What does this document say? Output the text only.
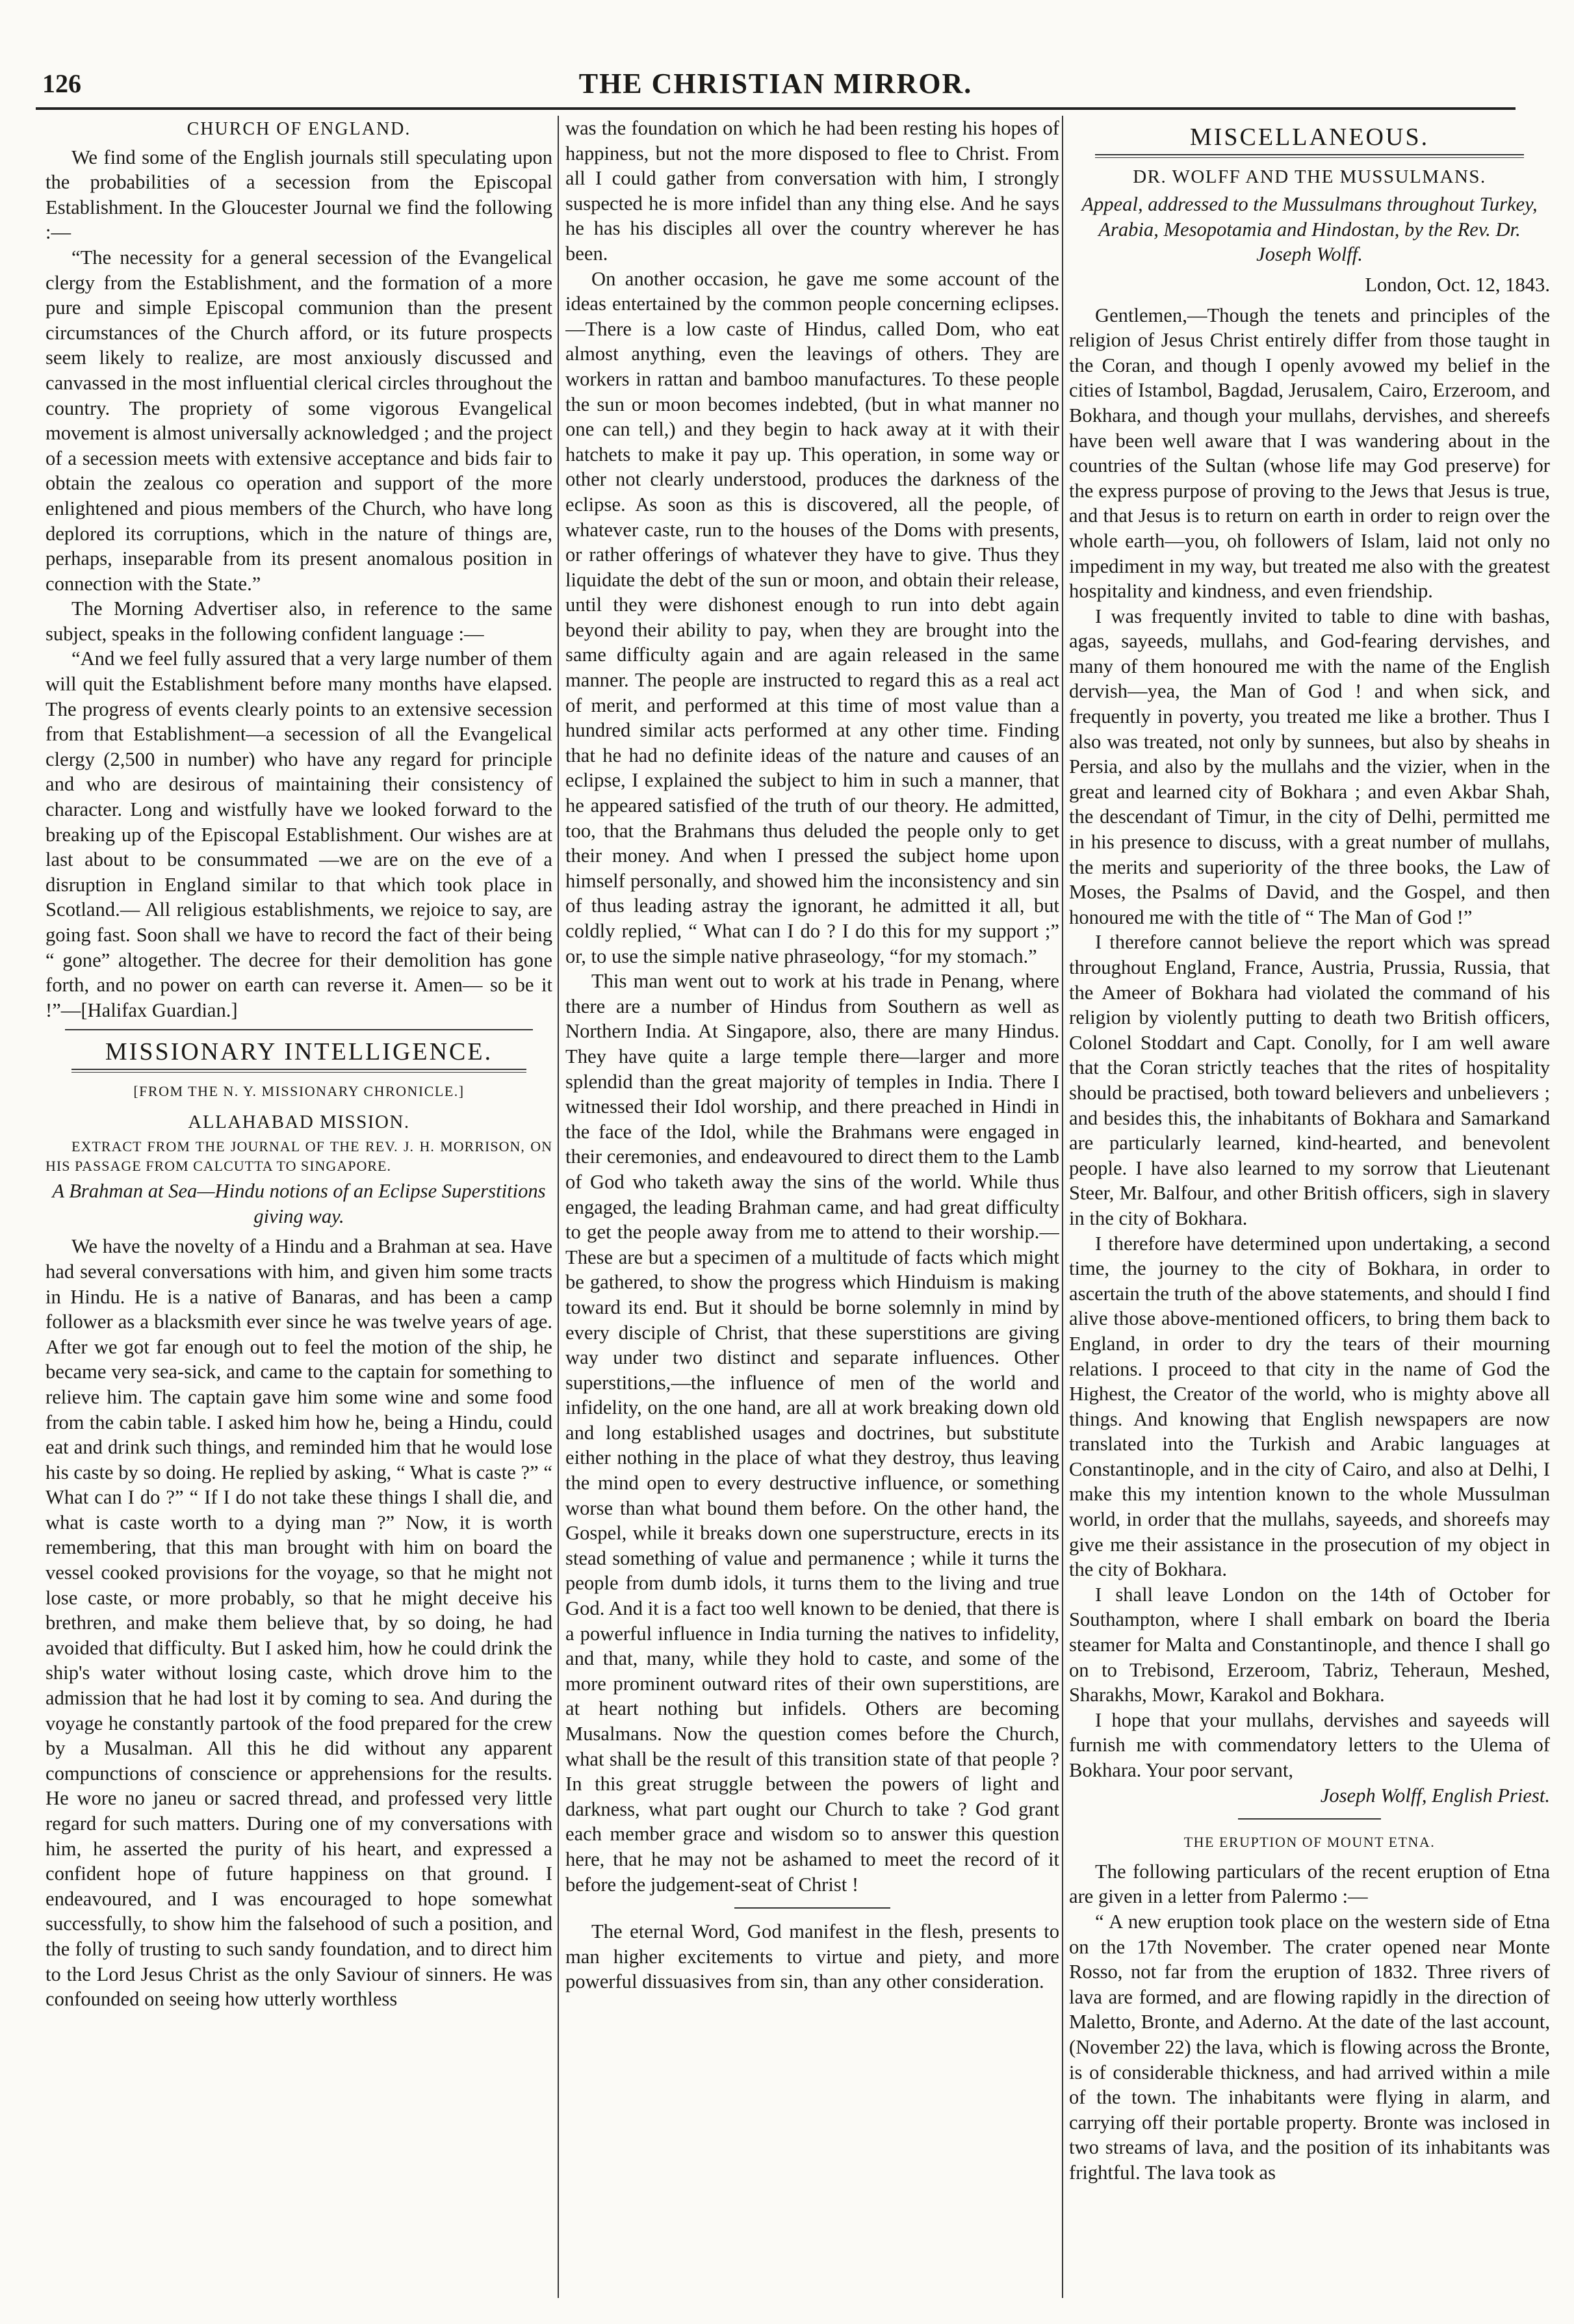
126	THE CHRISTIAN MIRROR.
CHURCH OF ENGLAND.

We find some of the English journals still speculating upon the probabilities of a secession from the Episcopal Establishment. In the Gloucester Journal we find the following :—

“The necessity for a general secession of the Evangelical clergy from the Establishment, and the formation of a more pure and simple Episcopal communion than the present circumstances of the Church afford, or its future prospects seem likely to realize, are most anxiously discussed and canvassed in the most influential clerical circles throughout the country. The propriety of some vigorous Evangelical movement is almost universally acknowledged ; and the project of a secession meets with extensive acceptance and bids fair to obtain the zealous co operation and support of the more enlightened and pious members of the Church, who have long deplored its corruptions, which in the nature of things are, perhaps, inseparable from its present anomalous position in connection with the State.”

The Morning Advertiser also, in reference to the same subject, speaks in the following confident language :—

“And we feel fully assured that a very large number of them will quit the Establishment before many months have elapsed. The progress of events clearly points to an extensive secession from that Establishment—a secession of all the Evangelical clergy (2,500 in number) who have any regard for principle and who are desirous of maintaining their consistency of character. Long and wistfully have we looked forward to the breaking up of the Episcopal Establishment. Our wishes are at last about to be consummated —we are on the eve of a disruption in England similar to that which took place in Scotland.— All religious establishments, we rejoice to say, are going fast. Soon shall we have to record the fact of their being “ gone” altogether. The decree for their demolition has gone forth, and no power on earth can reverse it. Amen— so be it !”—[Halifax Guardian.]

MISSIONARY INTELLIGENCE.
[FROM THE N. Y. MISSIONARY CHRONICLE.]
ALLAHABAD MISSION.

EXTRACT FROM THE JOURNAL OF THE REV. J. H. MORRISON, ON HIS PASSAGE FROM CALCUTTA TO SINGAPORE.

A Brahman at Sea—Hindu notions of an Eclipse Superstitions giving way.

We have the novelty of a Hindu and a Brahman at sea. Have had several conversations with him, and given him some tracts in Hindu. He is a native of Banaras, and has been a camp follower as a blacksmith ever since he was twelve years of age. After we got far enough out to feel the motion of the ship, he became very sea-sick, and came to the captain for something to relieve him. The captain gave him some wine and some food from the cabin table. I asked him how he, being a Hindu, could eat and drink such things, and reminded him that he would lose his caste by so doing. He replied by asking, “ What is caste ?” “ What can I do ?” “ If I do not take these things I shall die, and what is caste worth to a dying man ?” Now, it is worth remembering, that this man brought with him on board the vessel cooked provisions for the voyage, so that he might not lose caste, or more probably, so that he might deceive his brethren, and make them believe that, by so doing, he had avoided that difficulty. But I asked him, how he could drink the ship's water without losing caste, which drove him to the admission that he had lost it by coming to sea. And during the voyage he constantly partook of the food prepared for the crew by a Musalman. All this he did without any apparent compunctions of conscience or apprehensions for the results. He wore no janeu or sacred thread, and professed very little regard for such matters. During one of my conversations with him, he asserted the purity of his heart, and expressed a confident hope of future happiness on that ground. I endeavoured, and I was encouraged to hope somewhat successfully, to show him the falsehood of such a position, and the folly of trusting to such sandy foundation, and to direct him to the Lord Jesus Christ as the only Saviour of sinners. He was confounded on seeing how utterly worthless

was the foundation on which he had been resting his hopes of happiness, but not the more disposed to flee to Christ. From all I could gather from conversation with him, I strongly suspected he is more infidel than any thing else. And he says he has his disciples all over the country wherever he has been.

On another occasion, he gave me some account of the ideas entertained by the common people concerning eclipses.—There is a low caste of Hindus, called Dom, who eat almost anything, even the leavings of others. They are workers in rattan and bamboo manufactures. To these people the sun or moon becomes indebted, (but in what manner no one can tell,) and they begin to hack away at it with their hatchets to make it pay up. This operation, in some way or other not clearly understood, produces the darkness of the eclipse. As soon as this is discovered, all the people, of whatever caste, run to the houses of the Doms with presents, or rather offerings of whatever they have to give. Thus they liquidate the debt of the sun or moon, and obtain their release, until they were dishonest enough to run into debt again beyond their ability to pay, when they are brought into the same difficulty again and are again released in the same manner. The people are instructed to regard this as a real act of merit, and performed at this time of most value than a hundred similar acts performed at any other time. Finding that he had no definite ideas of the nature and causes of an eclipse, I explained the subject to him in such a manner, that he appeared satisfied of the truth of our theory. He admitted, too, that the Brahmans thus deluded the people only to get their money. And when I pressed the subject home upon himself personally, and showed him the inconsistency and sin of thus leading astray the ignorant, he admitted it all, but coldly replied, “ What can I do ? I do this for my support ;” or, to use the simple native phraseology, “for my stomach.”

This man went out to work at his trade in Penang, where there are a number of Hindus from Southern as well as Northern India. At Singapore, also, there are many Hindus. They have quite a large temple there—larger and more splendid than the great majority of temples in India. There I witnessed their Idol worship, and there preached in Hindi in the face of the Idol, while the Brahmans were engaged in their ceremonies, and endeavoured to direct them to the Lamb of God who taketh away the sins of the world. While thus engaged, the leading Brahman came, and had great difficulty to get the people away from me to attend to their worship.—These are but a specimen of a multitude of facts which might be gathered, to show the progress which Hinduism is making toward its end. But it should be borne solemnly in mind by every disciple of Christ, that these superstitions are giving way under two distinct and separate influences. Other superstitions,—the influence of men of the world and infidelity, on the one hand, are all at work breaking down old and long established usages and doctrines, but substitute either nothing in the place of what they destroy, thus leaving the mind open to every destructive influence, or something worse than what bound them before. On the other hand, the Gospel, while it breaks down one superstructure, erects in its stead something of value and permanence ; while it turns the people from dumb idols, it turns them to the living and true God. And it is a fact too well known to be denied, that there is a powerful influence in India turning the natives to infidelity, and that, many, while they hold to caste, and some of the more prominent outward rites of their own superstitions, are at heart nothing but infidels. Others are becoming Musalmans. Now the question comes before the Church, what shall be the result of this transition state of that people ? In this great struggle between the powers of light and darkness, what part ought our Church to take ? God grant each member grace and wisdom so to answer this question here, that he may not be ashamed to meet the record of it before the judgement-seat of Christ !

The eternal Word, God manifest in the flesh, presents to man higher excitements to virtue and piety, and more powerful dissuasives from sin, than any other consideration.

MISCELLANEOUS.
DR. WOLFF AND THE MUSSULMANS.
Appeal, addressed to the Mussulmans throughout Turkey, Arabia, Mesopotamia and Hindostan, by the Rev. Dr. Joseph Wolff.
London, Oct. 12, 1843.

Gentlemen,—Though the tenets and principles of the religion of Jesus Christ entirely differ from those taught in the Coran, and though I openly avowed my belief in the cities of Istambol, Bagdad, Jerusalem, Cairo, Erzeroom, and Bokhara, and though your mullahs, dervishes, and shereefs have been well aware that I was wandering about in the countries of the Sultan (whose life may God preserve) for the express purpose of proving to the Jews that Jesus is true, and that Jesus is to return on earth in order to reign over the whole earth—you, oh followers of Islam, laid not only no impediment in my way, but treated me also with the greatest hospitality and kindness, and even friendship.

I was frequently invited to table to dine with bashas, agas, sayeeds, mullahs, and God-fearing dervishes, and many of them honoured me with the name of the English dervish—yea, the Man of God ! and when sick, and frequently in poverty, you treated me like a brother. Thus I also was treated, not only by sunnees, but also by sheahs in Persia, and also by the mullahs and the vizier, when in the great and learned city of Bokhara ; and even Akbar Shah, the descendant of Timur, in the city of Delhi, permitted me in his presence to discuss, with a great number of mullahs, the merits and superiority of the three books, the Law of Moses, the Psalms of David, and the Gospel, and then honoured me with the title of “ The Man of God !”

I therefore cannot believe the report which was spread throughout England, France, Austria, Prussia, Russia, that the Ameer of Bokhara had violated the command of his religion by violently putting to death two British officers, Colonel Stoddart and Capt. Conolly, for I am well aware that the Coran strictly teaches that the rites of hospitality should be practised, both toward believers and unbelievers ; and besides this, the inhabitants of Bokhara and Samarkand are particularly learned, kind-hearted, and benevolent people. I have also learned to my sorrow that Lieutenant Steer, Mr. Balfour, and other British officers, sigh in slavery in the city of Bokhara.

I therefore have determined upon undertaking, a second time, the journey to the city of Bokhara, in order to ascertain the truth of the above statements, and should I find alive those above-mentioned officers, to bring them back to England, in order to dry the tears of their mourning relations. I proceed to that city in the name of God the Highest, the Creator of the world, who is mighty above all things. And knowing that English newspapers are now translated into the Turkish and Arabic languages at Constantinople, and in the city of Cairo, and also at Delhi, I make this my intention known to the whole Mussulman world, in order that the mullahs, sayeeds, and shoreefs may give me their assistance in the prosecution of my object in the city of Bokhara.

I shall leave London on the 14th of October for Southampton, where I shall embark on board the Iberia steamer for Malta and Constantinople, and thence I shall go on to Trebisond, Erzeroom, Tabriz, Teheraun, Meshed, Sharakhs, Mowr, Karakol and Bokhara.

I hope that your mullahs, dervishes and sayeeds will furnish me with commendatory letters to the Ulema of Bokhara. Your poor servant,

Joseph Wolff, English Priest.
THE ERUPTION OF MOUNT ETNA.

The following particulars of the recent eruption of Etna are given in a letter from Palermo :—

“ A new eruption took place on the western side of Etna on the 17th November. The crater opened near Monte Rosso, not far from the eruption of 1832. Three rivers of lava are formed, and are flowing rapidly in the direction of Maletto, Bronte, and Aderno. At the date of the last account, (November 22) the lava, which is flowing across the Bronte, is of considerable thickness, and had arrived within a mile of the town. The inhabitants were flying in alarm, and carrying off their portable property. Bronte was inclosed in two streams of lava, and the position of its inhabitants was frightful. The lava took as
